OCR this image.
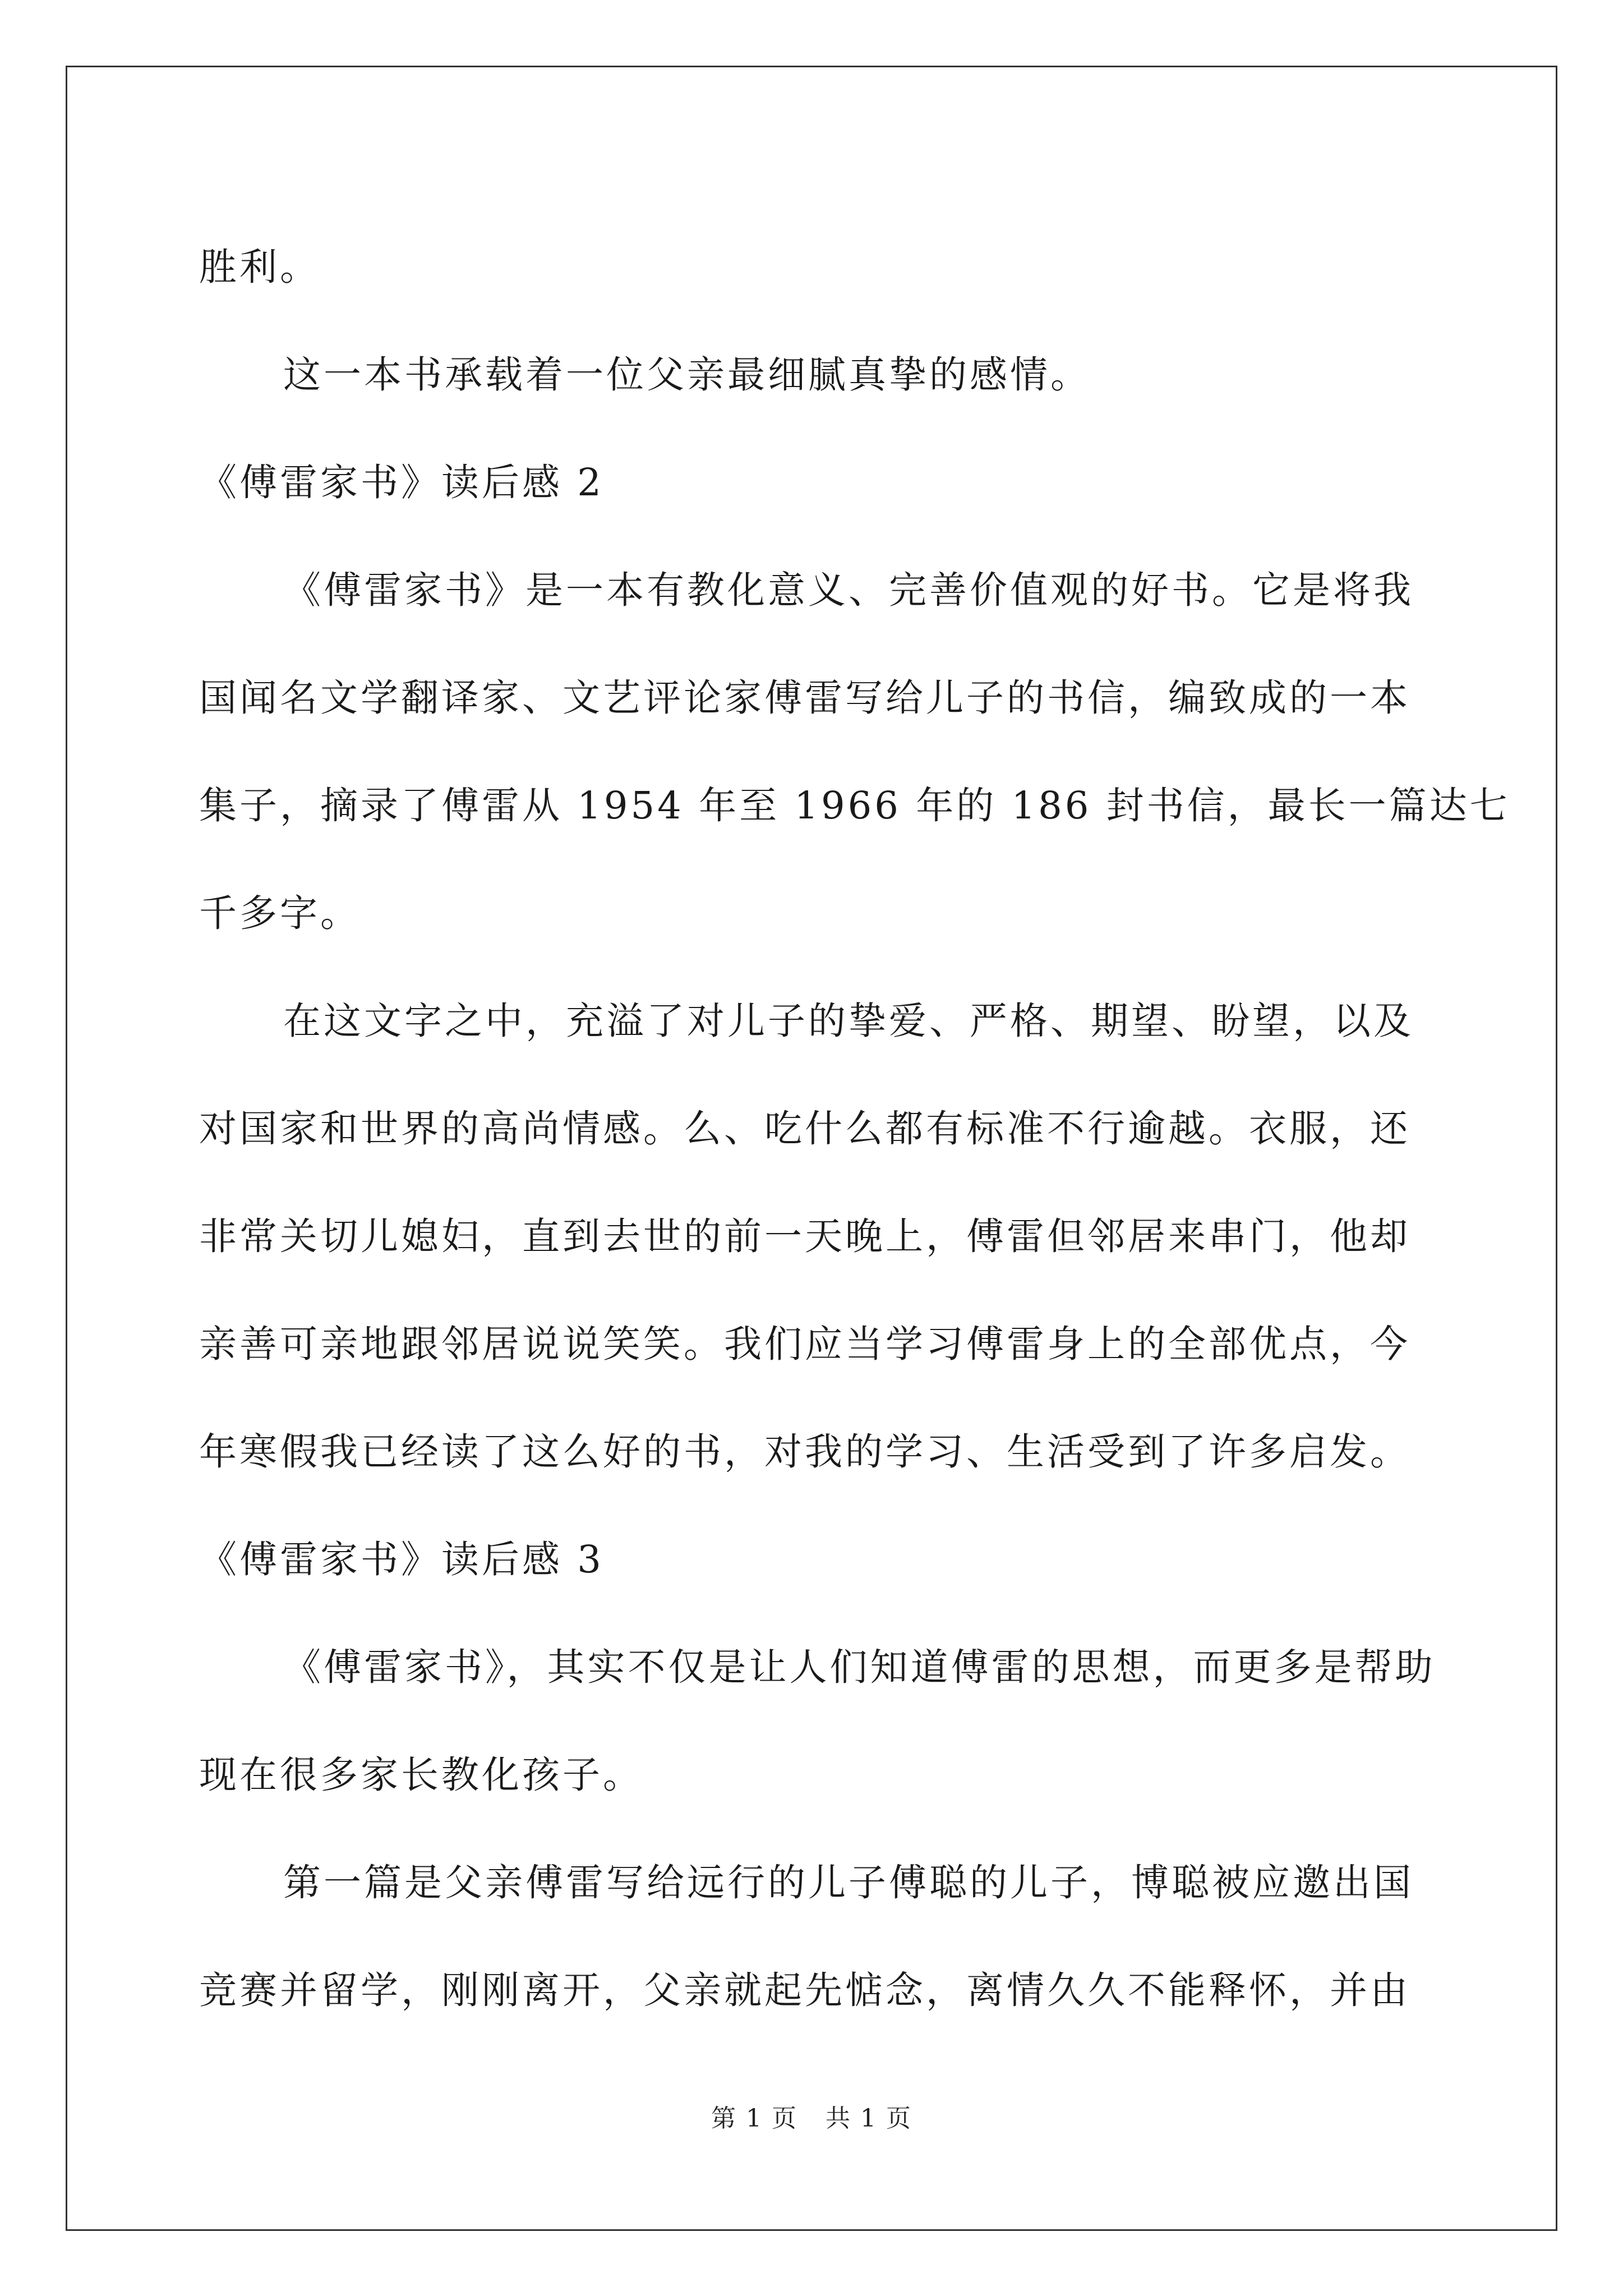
胜利。
这一本书承载着一位父亲最细腻真挚的感情。
《傅雷家书》读后感 2
《傅雷家书》是一本有教化意义、完善价值观的好书。它是将我
国闻名文学翻译家、文艺评论家傅雷写给儿子的书信，编致成的一本
集子，摘录了傅雷从 1954 年至 1966 年的 186 封书信，最长一篇达七
千多字。
在这文字之中，充溢了对儿子的挚爱、严格、期望、盼望，以及
对国家和世界的高尚情感。么、吃什么都有标准不行逾越。衣服，还
非常关切儿媳妇，直到去世的前一天晚上，傅雷但邻居来串门，他却
亲善可亲地跟邻居说说笑笑。我们应当学习傅雷身上的全部优点，今
年寒假我已经读了这么好的书，对我的学习、生活受到了许多启发。
《傅雷家书》读后感 3
《傅雷家书》，其实不仅是让人们知道傅雷的思想，而更多是帮助
现在很多家长教化孩子。
第一篇是父亲傅雷写给远行的儿子傅聪的儿子，博聪被应邀出国
竞赛并留学，刚刚离开，父亲就起先惦念，离情久久不能释怀，并由
第 1 页 共 1 页
